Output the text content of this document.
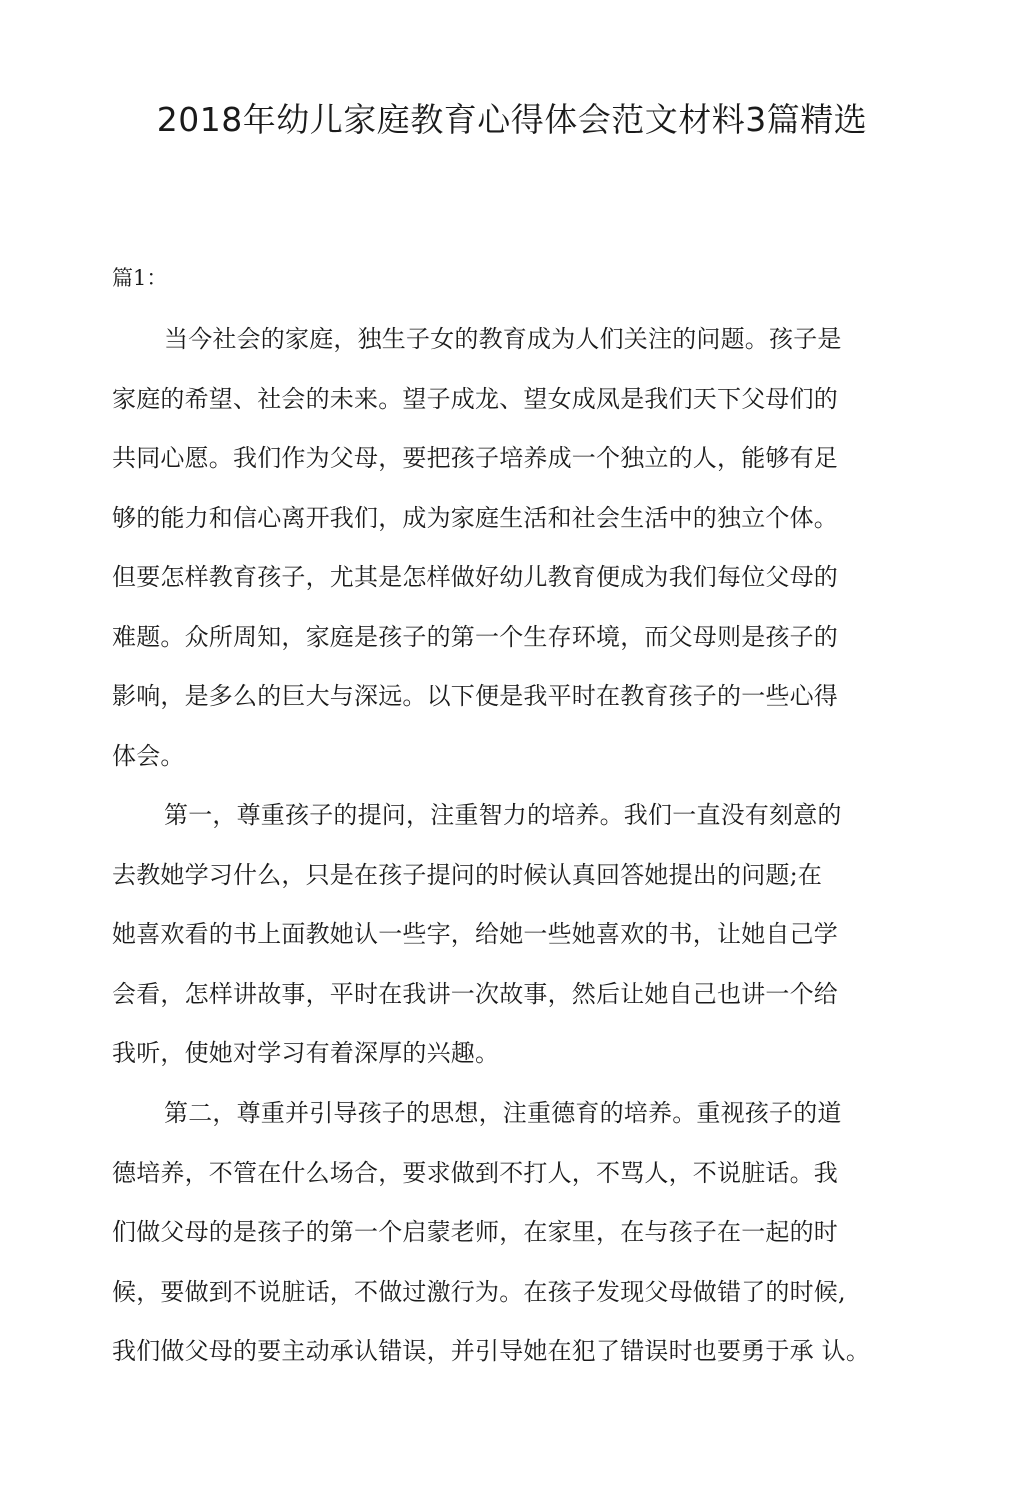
2018年幼儿家庭教育心得体会范文材料3篇精选
篇1：
当今社会的家庭，独生子女的教育成为人们关注的问题。孩子是
家庭的希望、社会的未来。望子成龙、望女成凤是我们天下父母们的
共同心愿。我们作为父母，要把孩子培养成一个独立的人，能够有足
够的能力和信心离开我们，成为家庭生活和社会生活中的独立个体。
但要怎样教育孩子，尤其是怎样做好幼儿教育便成为我们每位父母的
难题。众所周知，家庭是孩子的第一个生存环境，而父母则是孩子的
影响，是多么的巨大与深远。以下便是我平时在教育孩子的一些心得
体会。
第一，尊重孩子的提问，注重智力的培养。我们一直没有刻意的
去教她学习什么，只是在孩子提问的时候认真回答她提出的问题;在
她喜欢看的书上面教她认一些字，给她一些她喜欢的书，让她自己学
会看，怎样讲故事，平时在我讲一次故事，然后让她自己也讲一个给
我听，使她对学习有着深厚的兴趣。
第二，尊重并引导孩子的思想，注重德育的培养。重视孩子的道
德培养，不管在什么场合，要求做到不打人，不骂人，不说脏话。我
们做父母的是孩子的第一个启蒙老师，在家里，在与孩子在一起的时
候，要做到不说脏话，不做过激行为。在孩子发现父母做错了的时候,
我们做父母的要主动承认错误，并引导她在犯了错误时也要勇于承 认。
